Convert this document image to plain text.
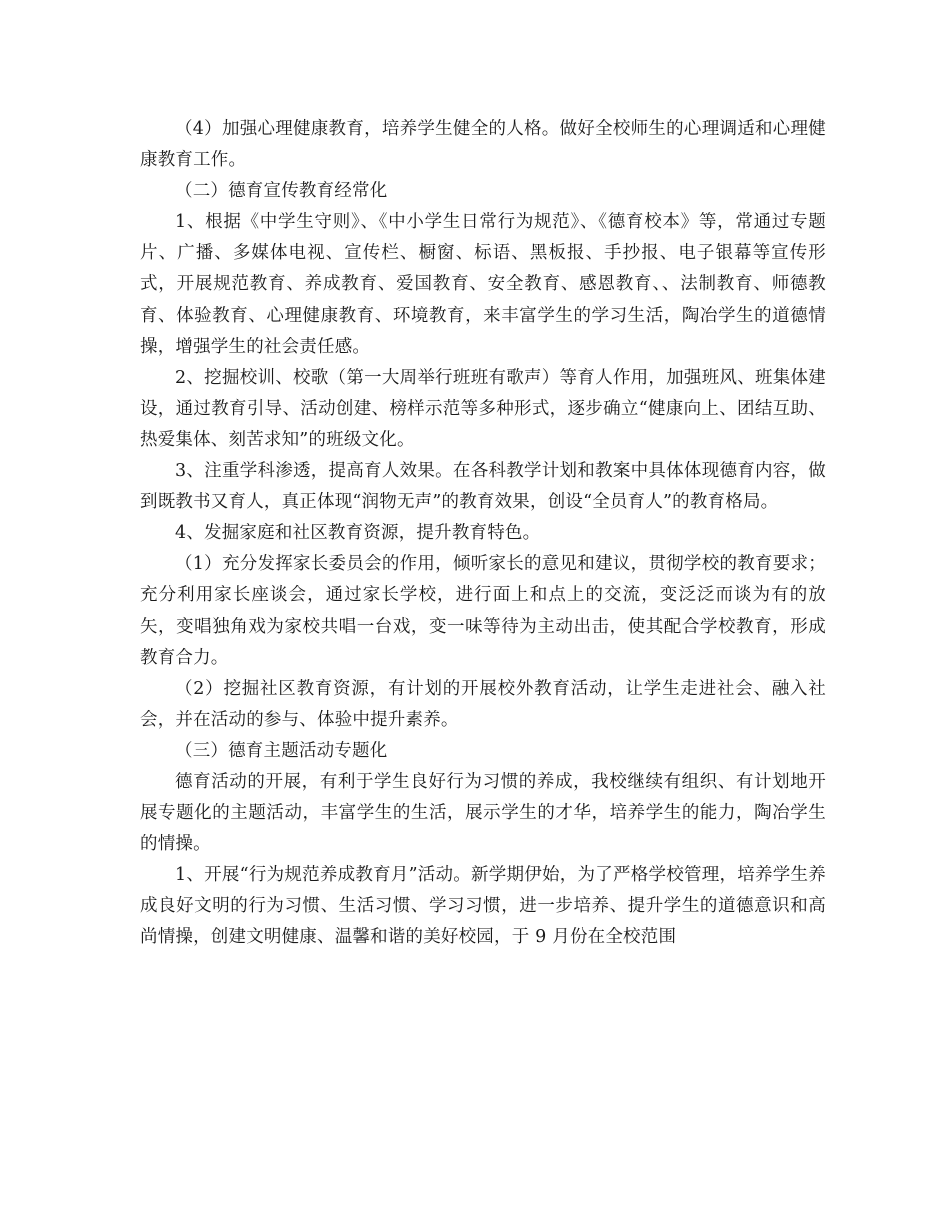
（4）加强心理健康教育，培养学生健全的人格。做好全校师生的心理调适和心理健康教育工作。

（二）德育宣传教育经常化

1、根据《中学生守则》、《中小学生日常行为规范》、《德育校本》等，常通过专题片、广播、多媒体电视、宣传栏、橱窗、标语、黑板报、手抄报、电子银幕等宣传形式，开展规范教育、养成教育、爱国教育、安全教育、感恩教育、、法制教育、师德教育、体验教育、心理健康教育、环境教育，来丰富学生的学习生活，陶冶学生的道德情操，增强学生的社会责任感。

2、挖掘校训、校歌（第一大周举行班班有歌声）等育人作用，加强班风、班集体建设，通过教育引导、活动创建、榜样示范等多种形式，逐步确立“健康向上、团结互助、热爱集体、刻苦求知”的班级文化。

3、注重学科渗透，提高育人效果。在各科教学计划和教案中具体体现德育内容，做到既教书又育人，真正体现“润物无声”的教育效果，创设“全员育人”的教育格局。

4、发掘家庭和社区教育资源，提升教育特色。

（1）充分发挥家长委员会的作用，倾听家长的意见和建议，贯彻学校的教育要求；充分利用家长座谈会，通过家长学校，进行面上和点上的交流，变泛泛而谈为有的放矢，变唱独角戏为家校共唱一台戏，变一味等待为主动出击，使其配合学校教育，形成教育合力。

（2）挖掘社区教育资源，有计划的开展校外教育活动，让学生走进社会、融入社会，并在活动的参与、体验中提升素养。

（三）德育主题活动专题化

德育活动的开展，有利于学生良好行为习惯的养成，我校继续有组织、有计划地开展专题化的主题活动，丰富学生的生活，展示学生的才华，培养学生的能力，陶冶学生的情操。

1、开展“行为规范养成教育月”活动。新学期伊始，为了严格学校管理，培养学生养成良好文明的行为习惯、生活习惯、学习习惯，进一步培养、提升学生的道德意识和高尚情操，创建文明健康、温馨和谐的美好校园，于 9 月份在全校范围
